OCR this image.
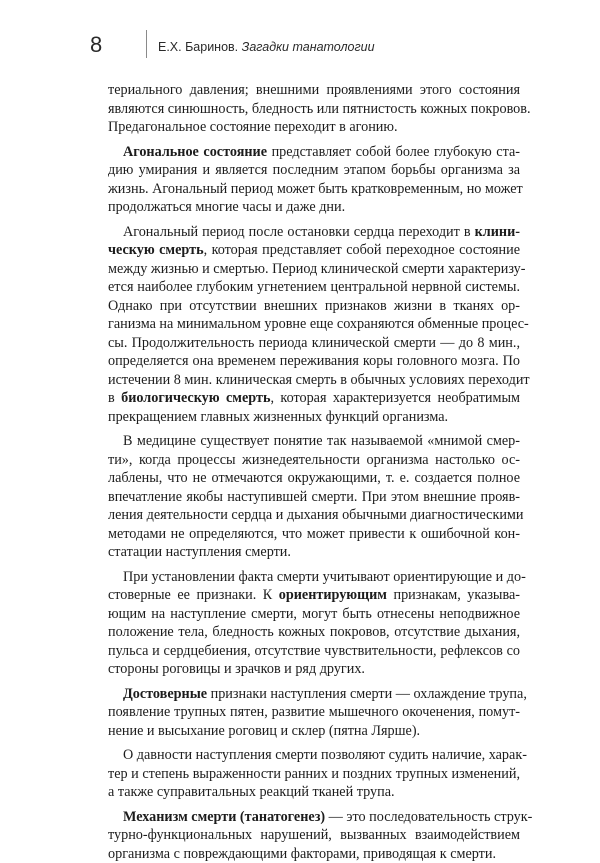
8	Е.Х. Баринов. Загадки танатологии
териального давления; внешними проявлениями этого состояния
являются синюшность, бледность или пятнистость кожных покровов.
Предагональное состояние переходит в агонию.
Агональное состояние представляет собой более глубокую ста-
дию умирания и является последним этапом борьбы организма за
жизнь. Агональный период может быть кратковременным, но может
продолжаться многие часы и даже дни.
Агональный период после остановки сердца переходит в клини-
ческую смерть, которая представляет собой переходное состояние
между жизнью и смертью. Период клинической смерти характеризу-
ется наиболее глубоким угнетением центральной нервной системы.
Однако при отсутствии внешних признаков жизни в тканях ор-
ганизма на минимальном уровне еще сохраняются обменные процес-
сы. Продолжительность периода клинической смерти — до 8 мин.,
определяется она временем переживания коры головного мозга. По
истечении 8 мин. клиническая смерть в обычных условиях переходит
в биологическую смерть, которая характеризуется необратимым
прекращением главных жизненных функций организма.
В медицине существует понятие так называемой «мнимой смер-
ти», когда процессы жизнедеятельности организма настолько ос-
лаблены, что не отмечаются окружающими, т. е. создается полное
впечатление якобы наступившей смерти. При этом внешние прояв-
ления деятельности сердца и дыхания обычными диагностическими
методами не определяются, что может привести к ошибочной кон-
статации наступления смерти.
При установлении факта смерти учитывают ориентирующие и до-
стоверные ее признаки. К ориентирующим признакам, указыва-
ющим на наступление смерти, могут быть отнесены неподвижное
положение тела, бледность кожных покровов, отсутствие дыхания,
пульса и сердцебиения, отсутствие чувствительности, рефлексов со
стороны роговицы и зрачков и ряд других.
Достоверные признаки наступления смерти — охлаждение трупа,
появление трупных пятен, развитие мышечного окоченения, помут-
нение и высыхание роговиц и склер (пятна Лярше).
О давности наступления смерти позволяют судить наличие, харак-
тер и степень выраженности ранних и поздних трупных изменений,
а также суправитальных реакций тканей трупа.
Механизм смерти (танатогенез) — это последовательность струк-
турно-функциональных нарушений, вызванных взаимодействием
организма с повреждающими факторами, приводящая к смерти.
